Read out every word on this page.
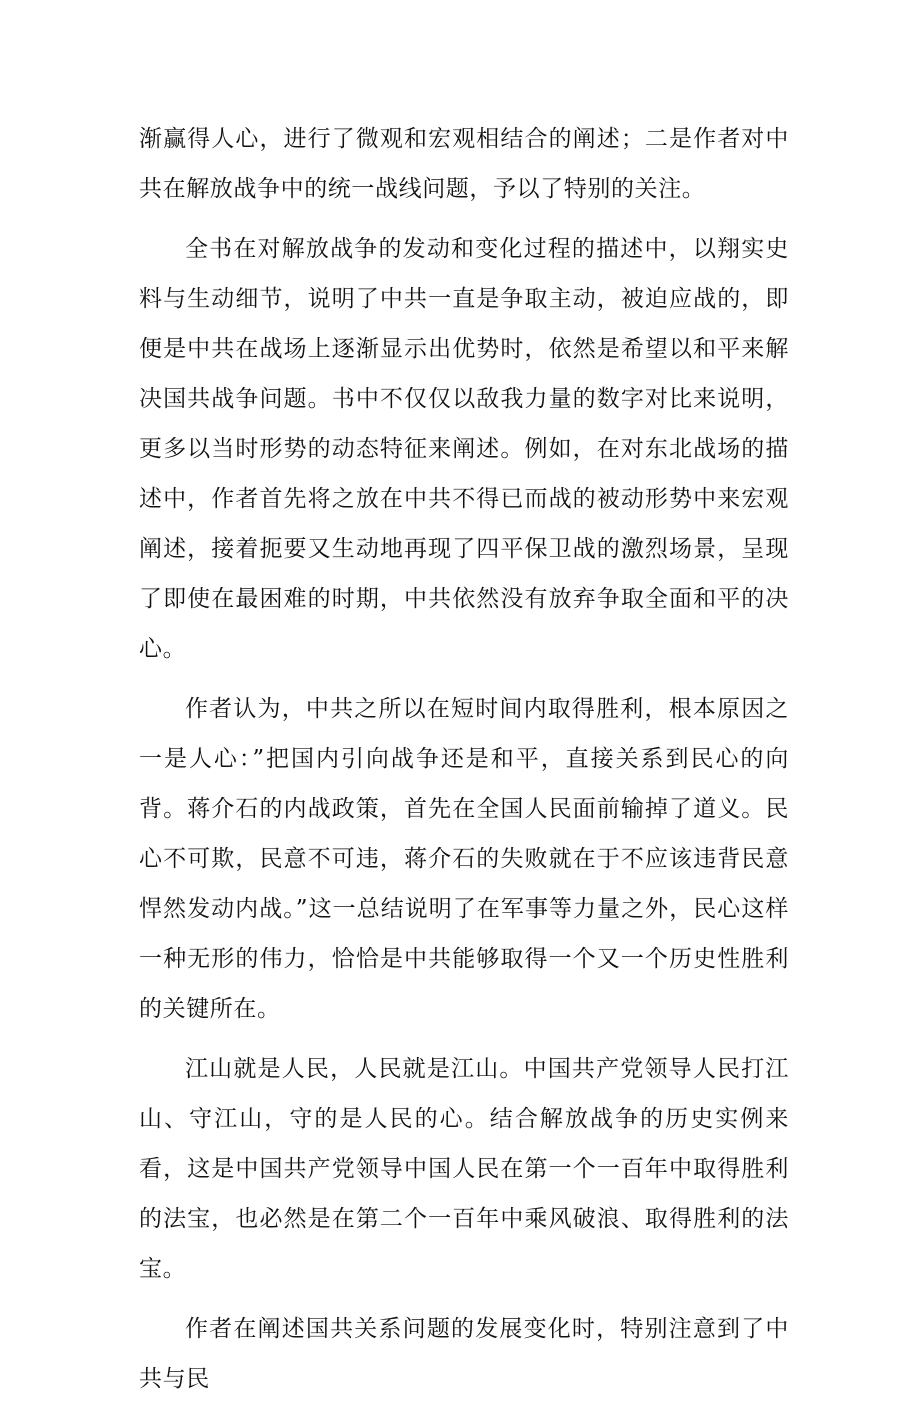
渐赢得人心，进行了微观和宏观相结合的阐述；二是作者对中共在解放战争中的统一战线问题，予以了特别的关注。

全书在对解放战争的发动和变化过程的描述中，以翔实史料与生动细节，说明了中共一直是争取主动，被迫应战的，即便是中共在战场上逐渐显示出优势时，依然是希望以和平来解决国共战争问题。书中不仅仅以敌我力量的数字对比来说明，更多以当时形势的动态特征来阐述。例如，在对东北战场的描述中，作者首先将之放在中共不得已而战的被动形势中来宏观阐述，接着扼要又生动地再现了四平保卫战的激烈场景，呈现了即使在最困难的时期，中共依然没有放弃争取全面和平的决心。

作者认为，中共之所以在短时间内取得胜利，根本原因之一是人心：”把国内引向战争还是和平，直接关系到民心的向背。蒋介石的内战政策，首先在全国人民面前输掉了道义。民心不可欺，民意不可违，蒋介石的失败就在于不应该违背民意悍然发动内战。”这一总结说明了在军事等力量之外，民心这样一种无形的伟力，恰恰是中共能够取得一个又一个历史性胜利的关键所在。

江山就是人民，人民就是江山。中国共产党领导人民打江山、守江山，守的是人民的心。结合解放战争的历史实例来看，这是中国共产党领导中国人民在第一个一百年中取得胜利的法宝，也必然是在第二个一百年中乘风破浪、取得胜利的法宝。

作者在阐述国共关系问题的发展变化时，特别注意到了中共与民
